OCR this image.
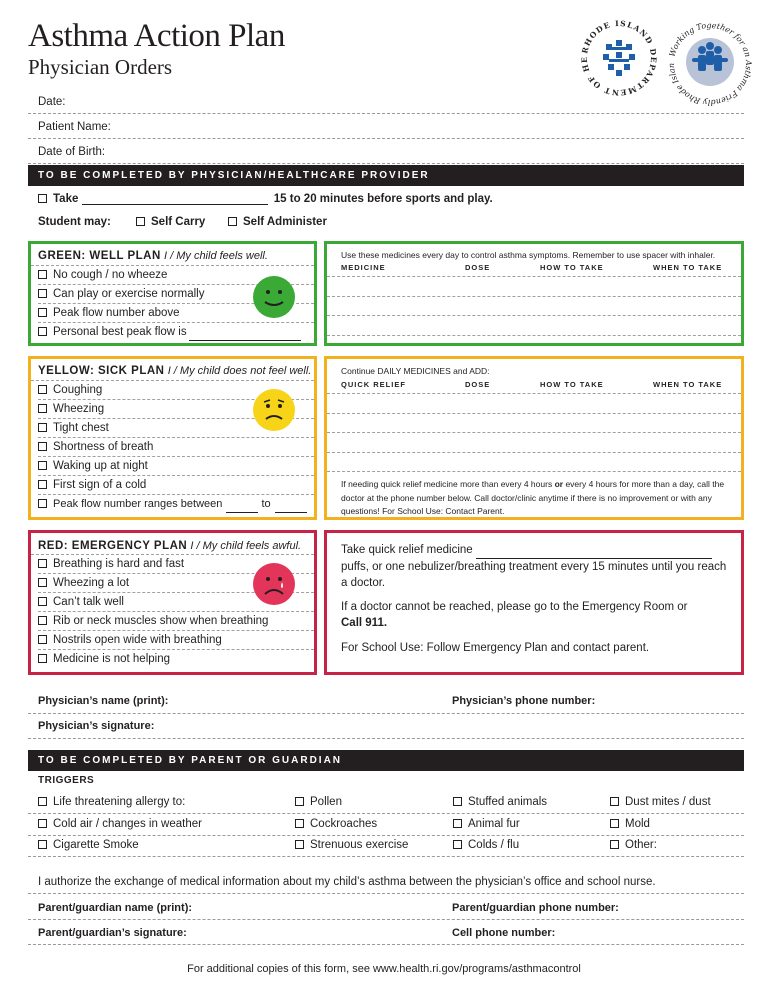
Asthma Action Plan
Physician Orders
RHODE ISLAND DEPARTMENT OF HE
Working Together for an Asthma Friendly Rhode Islan
Date:
Patient Name:
Date of Birth:
TO BE COMPLETED BY PHYSICIAN/HEALTHCARE PROVIDER
Take	15 to 20 minutes before sports and play.
Student may:	Self Carry	Self Administer
GREEN: WELL PLAN I / My child feels well.
No cough / no wheeze
Can play or exercise normally
Peak flow number above
Personal best peak flow is
Use these medicines every day to control asthma symptoms. Remember to use spacer with inhaler.
MEDICINE	DOSE	HOW TO TAKE	WHEN TO TAKE
YELLOW: SICK PLAN I / My child does not feel well.
Coughing
Wheezing
Tight chest
Shortness of breath
Waking up at night
First sign of a cold
Peak flow number ranges between	to
Continue DAILY MEDICINES and ADD:
QUICK RELIEF	DOSE	HOW TO TAKE	WHEN TO TAKE
If needing quick relief medicine more than every 4 hours or every 4 hours for more than a day, call the doctor at the phone number below. Call doctor/clinic anytime if there is no improvement or with any questions! For School Use: Contact Parent.
RED: EMERGENCY PLAN I / My child feels awful.
Breathing is hard and fast
Wheezing a lot
Can’t talk well
Rib or neck muscles show when breathing
Nostrils open wide with breathing
Medicine is not helping
Take quick relief medicine  puffs, or one nebulizer/breathing treatment every 15 minutes until you reach a doctor.
If a doctor cannot be reached, please go to the Emergency Room or
Call 911.
For School Use: Follow Emergency Plan and contact parent.
Physician’s name (print):	Physician’s phone number:
Physician’s signature:
TO BE COMPLETED BY PARENT OR GUARDIAN
TRIGGERS
Life threatening allergy to:	Pollen	Stuffed animals	Dust mites / dust
Cold air / changes in weather	Cockroaches	Animal fur	Mold
Cigarette Smoke	Strenuous exercise	Colds / flu	Other:
I authorize the exchange of medical information about my child’s asthma between the physician’s office and school nurse.
Parent/guardian name (print):	Parent/guardian phone number:
Parent/guardian’s signature:	Cell phone number:
For additional copies of this form, see www.health.ri.gov/programs/asthmacontrol
